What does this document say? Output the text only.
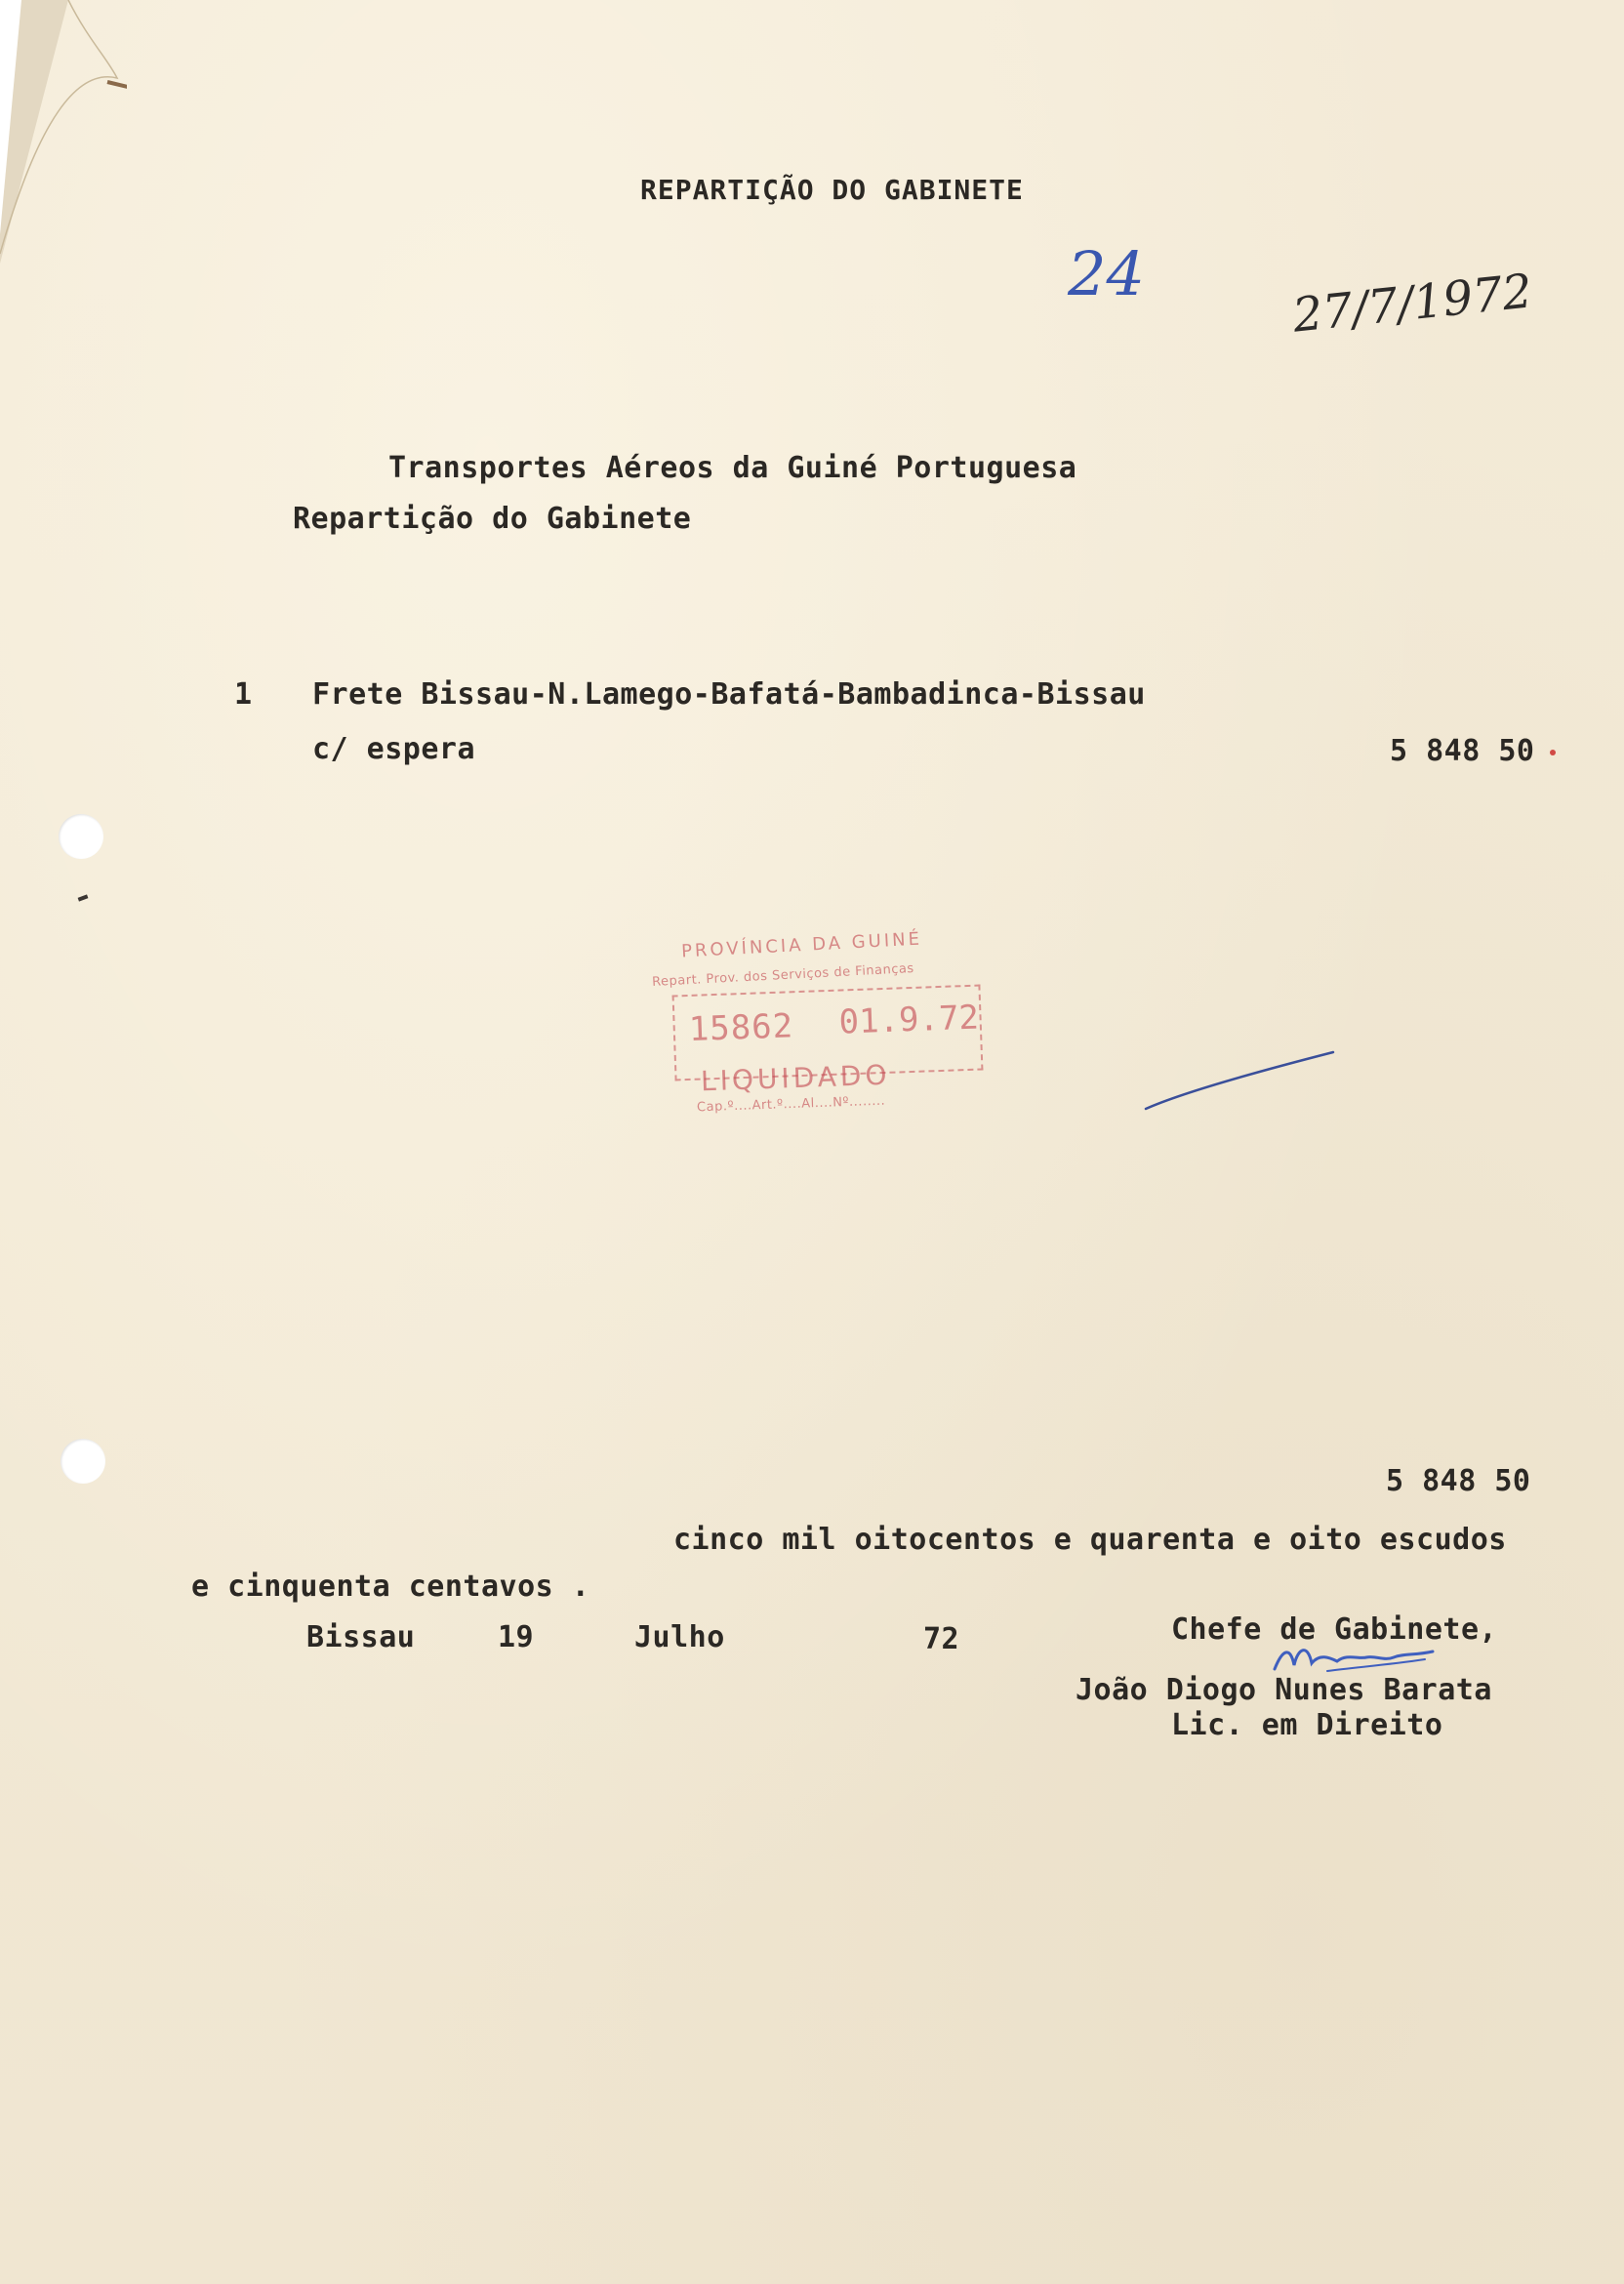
REPARTIÇÃO DO GABINETE
24	27/7/1972
Transportes Aéreos da Guiné Portuguesa
Repartição do Gabinete
1 Frete Bissau-N.Lamego-Bafatá-Bambadinca-Bissau
c/ espera	5 848 50
PROVÍNCIA DA GUINÉ
Repart. Prov. dos Serviços de Finanças
15862 01.9.72
LIQUIDADO
Cap.º....Art.º....Al....Nº........
5 848 50
cinco mil oitocentos e quarenta e oito escudos
e cinquenta centavos .
Bissau	19	Julho	72	Chefe de Gabinete,
João Diogo Nunes Barata
Lic. em Direito
